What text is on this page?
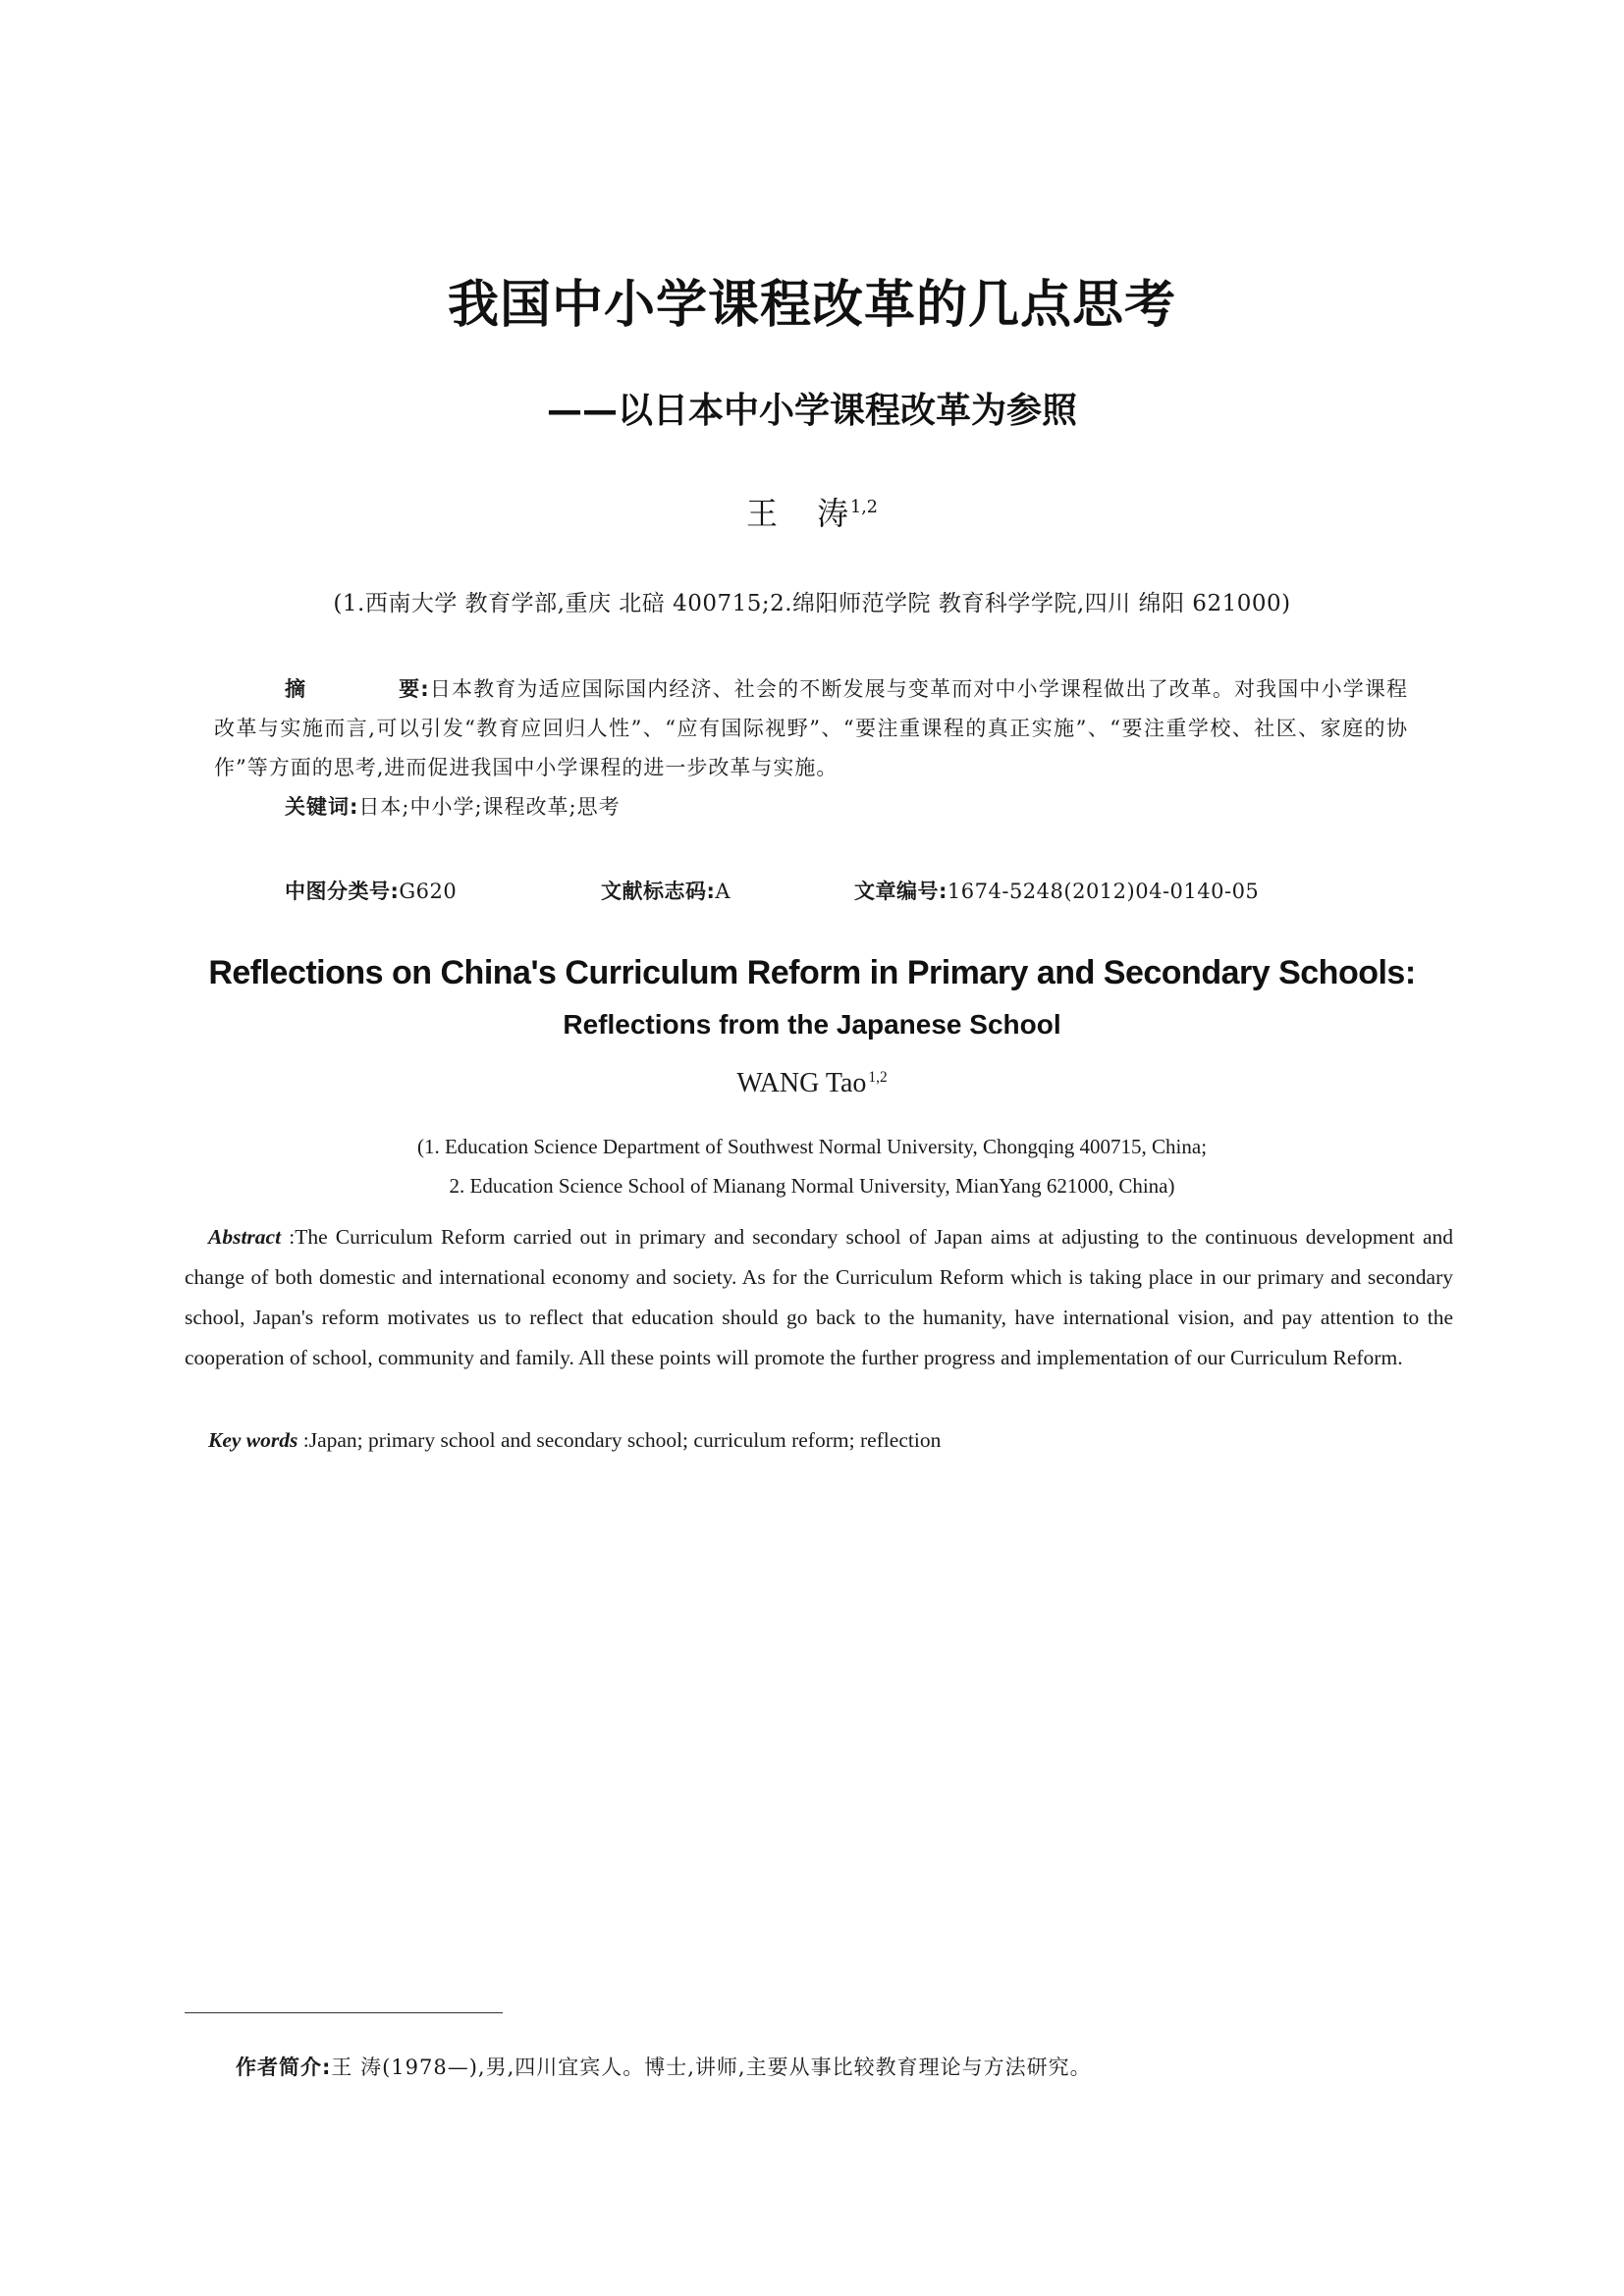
我国中小学课程改革的几点思考
——以日本中小学课程改革为参照
王 涛 $^{1,2}$
(1.西南大学 教育学部,重庆 北碚 400715;2.绵阳师范学院 教育科学学院,四川 绵阳 621000)
摘	要:日本教育为适应国际国内经济、社会的不断发展与变革而对中小学课程做出了改革。对我国中小学课程改革与实施而言,可以引发“教育应回归人性”、“应有国际视野”、“要注重课程的真正实施”、“要注重学校、社区、家庭的协作”等方面的思考,进而促进我国中小学课程的进一步改革与实施。
关键词:日本;中小学;课程改革;思考
中图分类号:G620	文献标志码:A	文章编号:1674-5248(2012)04-0140-05
Reflections on China's Curriculum Reform in Primary and Secondary Schools:
Reflections from the Japanese School
WANG Tao $^{1,2}$
(1. Education Science Department of Southwest Normal University, Chongqing 400715, China;
2. Education Science School of Mianang Normal University, MianYang 621000, China)
Abstract :The Curriculum Reform carried out in primary and secondary school of Japan aims at adjusting to the continuous development and change of both domestic and international economy and society. As for the Curriculum Reform which is taking place in our primary and secondary school, Japan's reform motivates us to reflect that education should go back to the humanity, have international vision, and pay attention to the cooperation of school, community and family. All these points will promote the further progress and implementation of our Curriculum Reform.
Key words :Japan; primary school and secondary school; curriculum reform; reflection
作者简介:王 涛(1978—),男,四川宜宾人。博士,讲师,主要从事比较教育理论与方法研究。
